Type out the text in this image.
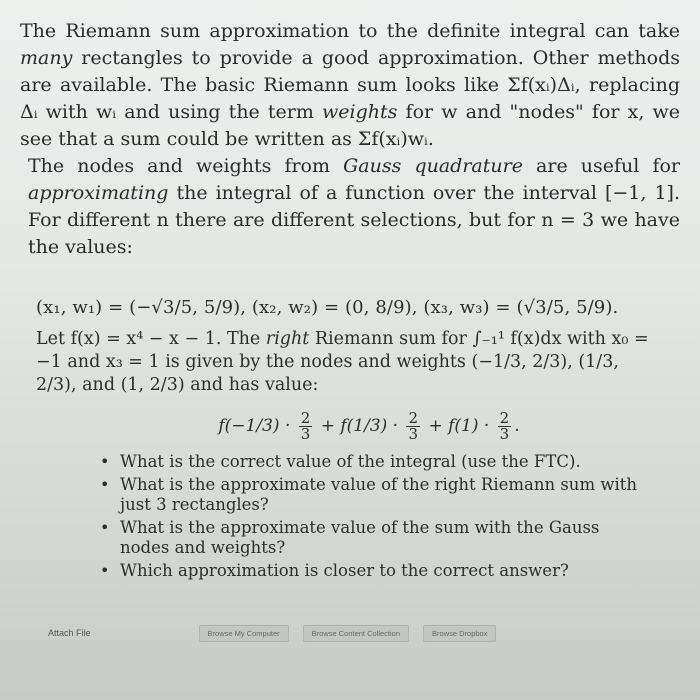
The Riemann sum approximation to the definite integral can take many rectangles to provide a good approximation. Other methods are available. The basic Riemann sum looks like Σf(xᵢ)Δᵢ, replacing Δᵢ with wᵢ and using the term weights for w and "nodes" for x, we see that a sum could be written as Σf(xᵢ)wᵢ.

The nodes and weights from Gauss quadrature are useful for approximating the integral of a function over the interval [−1, 1]. For different n there are different selections, but for n = 3 we have the values:

(x₁, w₁) = (−√3/5, 5/9), (x₂, w₂) = (0, 8/9), (x₃, w₃) = (√3/5, 5/9).
Let f(x) = x⁴ − x − 1. The right Riemann sum for ∫₋₁¹ f(x)dx with x₀ = −1 and x₃ = 1 is given by the nodes and weights (−1/3, 2/3), (1/3, 2/3), and (1, 2/3) and has value:
$f(-1/3) \cdot \frac{2}{3} + f(1/3) \cdot \frac{2}{3} + f(1) \cdot \frac{2}{3}$ .
• What is the correct value of the integral (use the FTC).
• What is the approximate value of the right Riemann sum with just 3 rectangles?
• What is the approximate value of the sum with the Gauss nodes and weights?
• Which approximation is closer to the correct answer?
Attach File	Browse My Computer	Browse Content Collection	Browse Dropbox
